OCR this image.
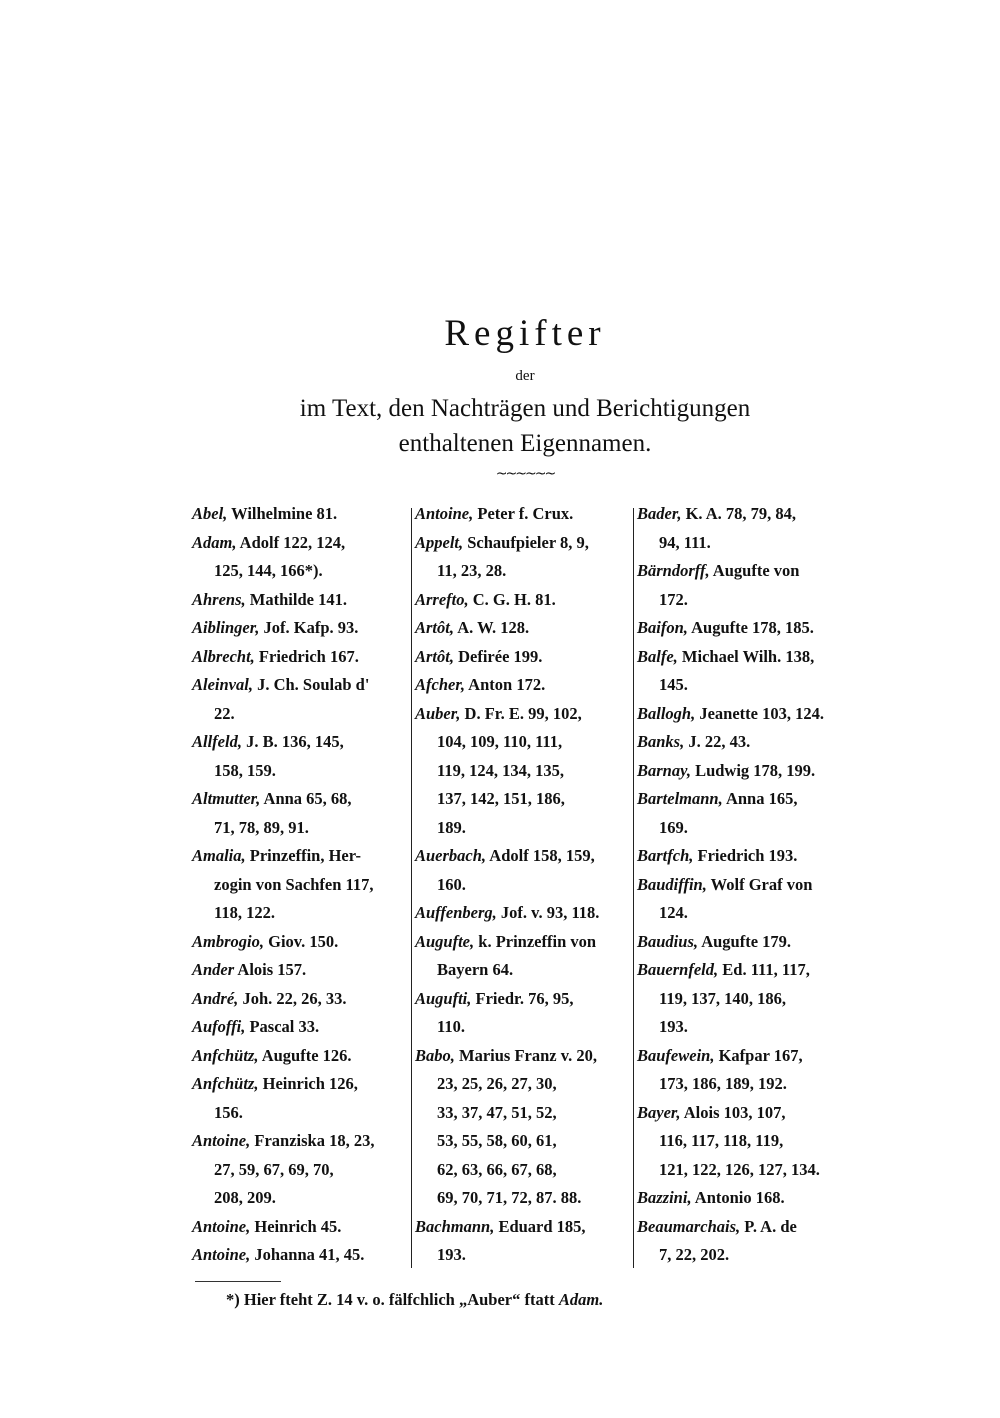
Regifter
der
im Text, den Nachträgen und Berichtigungen
enthaltenen Eigennamen.
~~~~~~
Abel, Wilhelmine 81.
Adam, Adolf 122, 124,
125, 144, 166*).
Ahrens, Mathilde 141.
Aiblinger, Jof. Kafp. 93.
Albrecht, Friedrich 167.
Aleinval, J. Ch. Soulab d'
22.
Allfeld, J. B. 136, 145,
158, 159.
Altmutter, Anna 65, 68,
71, 78, 89, 91.
Amalia, Prinzeffin, Her-
zogin von Sachfen 117,
118, 122.
Ambrogio, Giov. 150.
Ander Alois 157.
André, Joh. 22, 26, 33.
Aufoffi, Pascal 33.
Anfchütz, Augufte 126.
Anfchütz, Heinrich 126,
156.
Antoine, Franziska 18, 23,
27, 59, 67, 69, 70,
208, 209.
Antoine, Heinrich 45.
Antoine, Johanna 41, 45.
Antoine, Peter f. Crux.
Appelt, Schaufpieler 8, 9,
11, 23, 28.
Arrefto, C. G. H. 81.
Artôt, A. W. 128.
Artôt, Defirée 199.
Afcher, Anton 172.
Auber, D. Fr. E. 99, 102,
104, 109, 110, 111,
119, 124, 134, 135,
137, 142, 151, 186,
189.
Auerbach, Adolf 158, 159,
160.
Auffenberg, Jof. v. 93, 118.
Augufte, k. Prinzeffin von
Bayern 64.
Augufti, Friedr. 76, 95,
110.
Babo, Marius Franz v. 20,
23, 25, 26, 27, 30,
33, 37, 47, 51, 52,
53, 55, 58, 60, 61,
62, 63, 66, 67, 68,
69, 70, 71, 72, 87. 88.
Bachmann, Eduard 185,
193.
Bader, K. A. 78, 79, 84,
94, 111.
Bärndorff, Augufte von
172.
Baifon, Augufte 178, 185.
Balfe, Michael Wilh. 138,
145.
Ballogh, Jeanette 103, 124.
Banks, J. 22, 43.
Barnay, Ludwig 178, 199.
Bartelmann, Anna 165,
169.
Bartfch, Friedrich 193.
Baudiffin, Wolf Graf von
124.
Baudius, Augufte 179.
Bauernfeld, Ed. 111, 117,
119, 137, 140, 186,
193.
Baufewein, Kafpar 167,
173, 186, 189, 192.
Bayer, Alois 103, 107,
116, 117, 118, 119,
121, 122, 126, 127, 134.
Bazzini, Antonio 168.
Beaumarchais, P. A. de
7, 22, 202.
*) Hier fteht Z. 14 v. o. fälfchlich „Auber“ ftatt Adam.
